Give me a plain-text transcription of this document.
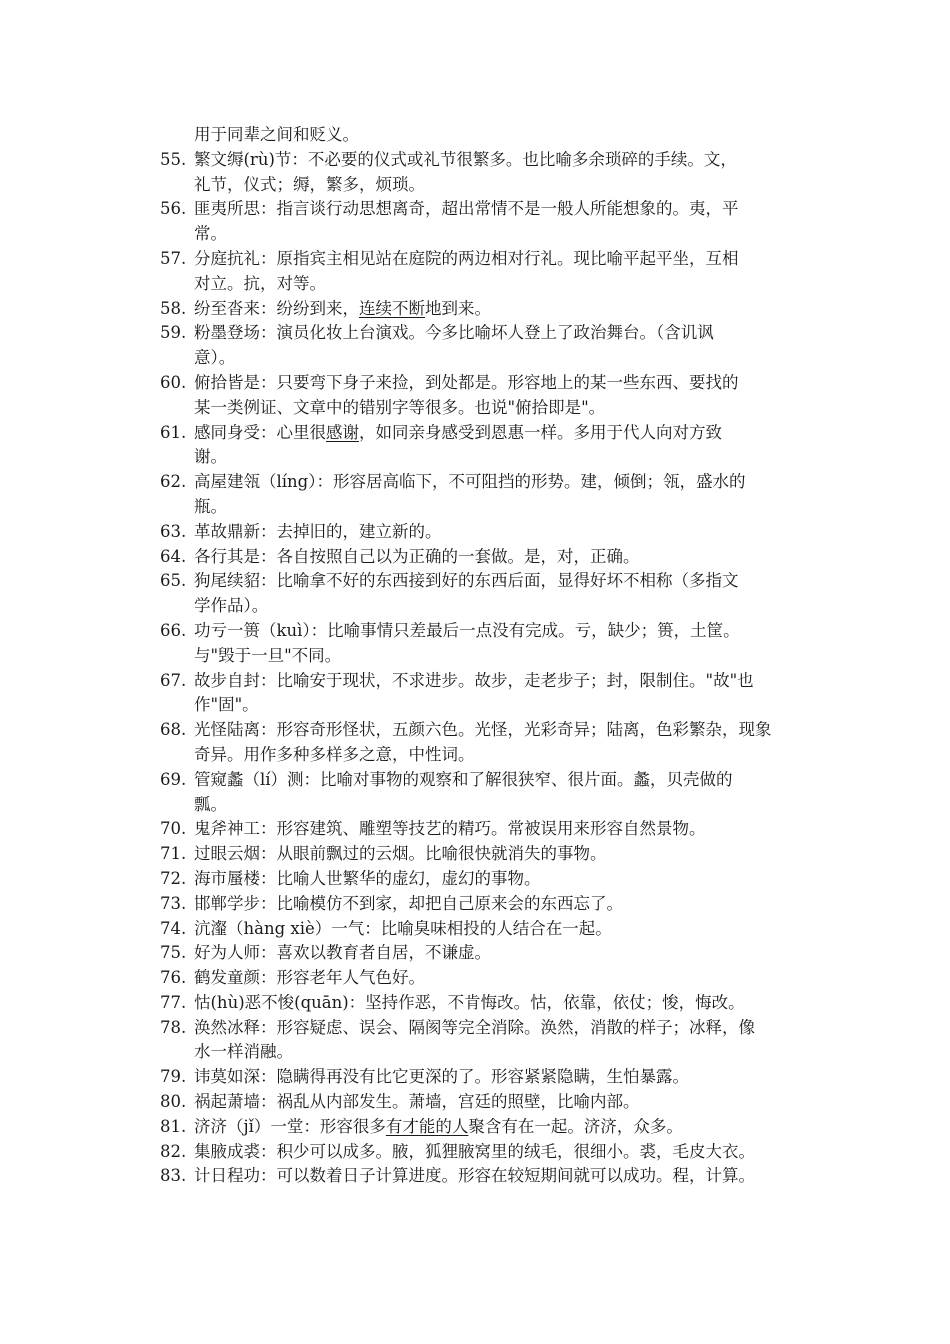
用于同辈之间和贬义。
55. 繁文缛(rù)节：不必要的仪式或礼节很繁多。也比喻多余琐碎的手续。文，
礼节，仪式；缛，繁多，烦琐。
56. 匪夷所思：指言谈行动思想离奇，超出常情不是一般人所能想象的。夷，平
常。
57. 分庭抗礼：原指宾主相见站在庭院的两边相对行礼。现比喻平起平坐，互相
对立。抗，对等。
58. 纷至沓来：纷纷到来，连续不断地到来。
59. 粉墨登场：演员化妆上台演戏。今多比喻坏人登上了政治舞台。（含讥讽
意）。
60. 俯拾皆是：只要弯下身子来捡，到处都是。形容地上的某一些东西、要找的
某一类例证、文章中的错别字等很多。也说"俯拾即是"。
61. 感同身受：心里很感谢，如同亲身感受到恩惠一样。多用于代人向对方致
谢。
62. 高屋建瓴（líng）：形容居高临下，不可阻挡的形势。建，倾倒；瓴，盛水的
瓶。
63. 革故鼎新：去掉旧的，建立新的。
64. 各行其是：各自按照自己以为正确的一套做。是，对，正确。
65. 狗尾续貂：比喻拿不好的东西接到好的东西后面，显得好坏不相称（多指文
学作品）。
66. 功亏一篑（kuì）：比喻事情只差最后一点没有完成。亏，缺少；篑，土筐。
与"毁于一旦"不同。
67. 故步自封：比喻安于现状，不求进步。故步，走老步子；封，限制住。"故"也
作"固"。
68. 光怪陆离：形容奇形怪状，五颜六色。光怪，光彩奇异；陆离，色彩繁杂，现象
奇异。用作多种多样多之意，中性词。
69. 管窥蠡（lí）测：比喻对事物的观察和了解很狭窄、很片面。蠡，贝壳做的
瓢。
70. 鬼斧神工：形容建筑、雕塑等技艺的精巧。常被误用来形容自然景物。
71. 过眼云烟：从眼前飘过的云烟。比喻很快就消失的事物。
72. 海市蜃楼：比喻人世繁华的虚幻，虚幻的事物。
73. 邯郸学步：比喻模仿不到家，却把自己原来会的东西忘了。
74. 沆瀣（hàng xiè）一气：比喻臭味相投的人结合在一起。
75. 好为人师：喜欢以教育者自居，不谦虚。
76. 鹤发童颜：形容老年人气色好。
77. 怙(hù)恶不悛(quān)：坚持作恶，不肯悔改。怙，依靠，依仗；悛，悔改。
78. 涣然冰释：形容疑虑、误会、隔阂等完全消除。涣然，消散的样子；冰释，像
水一样消融。
79. 讳莫如深：隐瞒得再没有比它更深的了。形容紧紧隐瞒，生怕暴露。
80. 祸起萧墙：祸乱从内部发生。萧墙，宫廷的照壁，比喻内部。
81. 济济（jǐ）一堂：形容很多有才能的人聚含有在一起。济济，众多。
82. 集腋成裘：积少可以成多。腋，狐狸腋窝里的绒毛，很细小。裘，毛皮大衣。
83. 计日程功：可以数着日子计算进度。形容在较短期间就可以成功。程，计算。
